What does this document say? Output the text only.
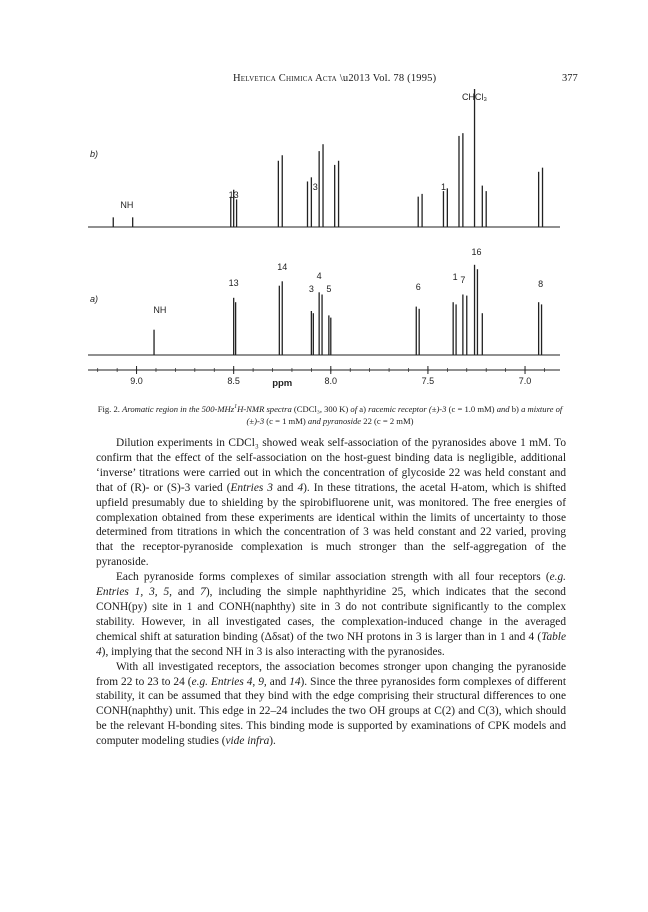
Helvetica Chimica Acta \u2013 Vol. 78 (1995)	377
9.0	8.5	8.0	7.5	7.0
ppm
b)
CHCl₃
NH
13
3	1
a)
NH
13
14
3
4
5	6
1 7
16
8
Fig. 2. Aromatic region in the 500-MHz$^1$H-NMR spectra (CDCl₃, 300 K) of a) racemic receptor (±)-3 (c = 1.0 mM) and b) a mixture of (±)-3 (c = 1 mM) and pyranoside 22 (c = 2 mM)

Dilution experiments in CDCl₃ showed weak self-association of the pyranosides above 1 mM. To confirm that the effect of the self-association on the host-guest binding data is negligible, additional ‘inverse’ titrations were carried out in which the concentration of glycoside 22 was held constant and that of (R)- or (S)-3 varied (Entries 3 and 4). In these titrations, the acetal H-atom, which is shifted upfield presumably due to shielding by the spirobifluorene unit, was monitored. The free energies of complexation obtained from these experiments are identical within the limits of uncertainty to those determined from titrations in which the concentration of 3 was held constant and 22 varied, proving that the receptor-pyranoside complexation is much stronger than the self-aggregation of the pyranoside.

Each pyranoside forms complexes of similar association strength with all four receptors (e.g. Entries 1, 3, 5, and 7), including the simple naphthyridine 25, which indicates that the second CONH(py) site in 1 and CONH(naphthy) site in 3 do not contribute significantly to the complex stability. However, in all investigated cases, the complexation-induced change in the averaged chemical shift at saturation binding (Δδsat) of the two NH protons in 3 is larger than in 1 and 4 (Table 4), implying that the second NH in 3 is also interacting with the pyranosides.

With all investigated receptors, the association becomes stronger upon changing the pyranoside from 22 to 23 to 24 (e.g. Entries 4, 9, and 14). Since the three pyranosides form complexes of different stability, it can be assumed that they bind with the edge comprising their structural differences to one CONH(naphthy) unit. This edge in 22–24 includes the two OH groups at C(2) and C(3), which should be the relevant H-bonding sites. This binding mode is supported by examinations of CPK models and computer modeling studies (vide infra).
